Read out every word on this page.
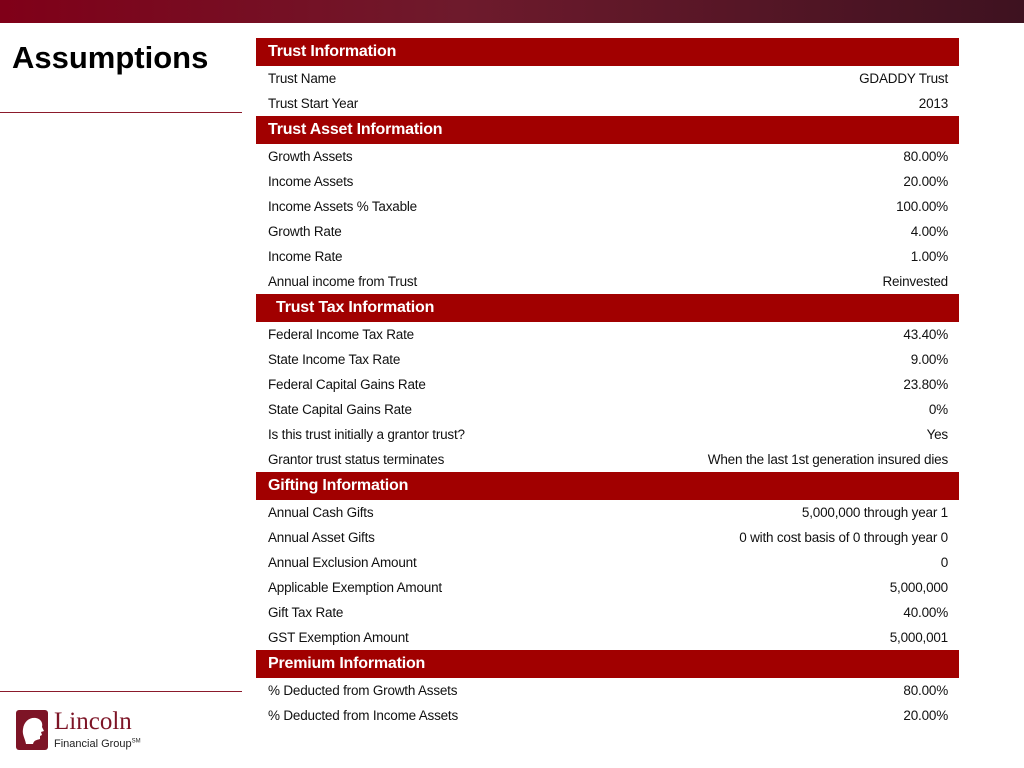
Assumptions	Trust Information
Trust Name	GDADDY Trust
Trust Start Year	2013
Trust Asset Information
Growth Assets	80.00%
Income Assets	20.00%
Income Assets % Taxable	100.00%
Growth Rate	4.00%
Income Rate	1.00%
Annual income from Trust	Reinvested
Trust Tax Information
Federal Income Tax Rate	43.40%
State Income Tax Rate	9.00%
Federal Capital Gains Rate	23.80%
State Capital Gains Rate	0%
Is this trust initially a grantor trust?	Yes
Grantor trust status terminates	When the last 1st generation insured dies
Gifting Information
Annual Cash Gifts	5,000,000 through year 1
Annual Asset Gifts	0 with cost basis of 0 through year 0
Annual Exclusion Amount	0
Applicable Exemption Amount	5,000,000
Gift Tax Rate	40.00%
GST Exemption Amount	5,000,001
Premium Information
% Deducted from Growth Assets	80.00%
% Deducted from Income Assets	20.00%
Lincoln
Financial Group℠
